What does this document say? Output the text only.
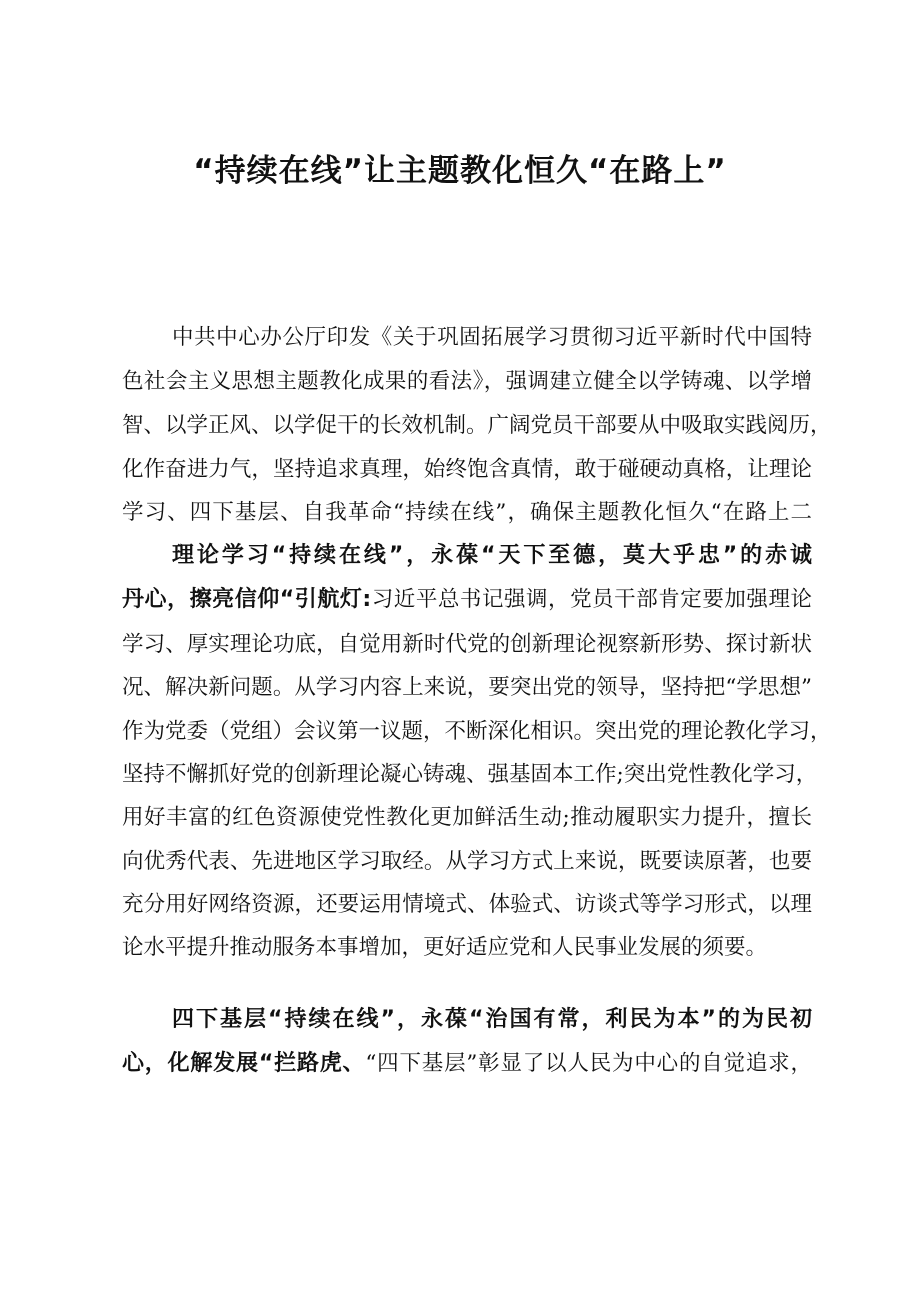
“持续在线”让主题教化恒久“在路上”
中共中心办公厅印发《关于巩固拓展学习贯彻习近平新时代中国特
色社会主义思想主题教化成果的看法》，强调建立健全以学铸魂、以学增
智、以学正风、以学促干的长效机制。广阔党员干部要从中吸取实践阅历，
化作奋进力气，坚持追求真理，始终饱含真情，敢于碰硬动真格，让理论
学习、四下基层、自我革命“持续在线”，确保主题教化恒久“在路上二
理论学习“持续在线”，永葆“天下至德，莫大乎忠”的赤诚
丹心，擦亮信仰“引航灯:习近平总书记强调，党员干部肯定要加强理论
学习、厚实理论功底，自觉用新时代党的创新理论视察新形势、探讨新状
况、解决新问题。从学习内容上来说，要突出党的领导，坚持把“学思想”
作为党委（党组）会议第一议题，不断深化相识。突出党的理论教化学习，
坚持不懈抓好党的创新理论凝心铸魂、强基固本工作;突出党性教化学习，
用好丰富的红色资源使党性教化更加鲜活生动;推动履职实力提升，擅长
向优秀代表、先进地区学习取经。从学习方式上来说，既要读原著，也要
充分用好网络资源，还要运用情境式、体验式、访谈式等学习形式，以理
论水平提升推动服务本事增加，更好适应党和人民事业发展的须要。
四下基层“持续在线”，永葆“治国有常，利民为本”的为民初
心，化解发展“拦路虎、“四下基层”彰显了以人民为中心的自觉追求，
